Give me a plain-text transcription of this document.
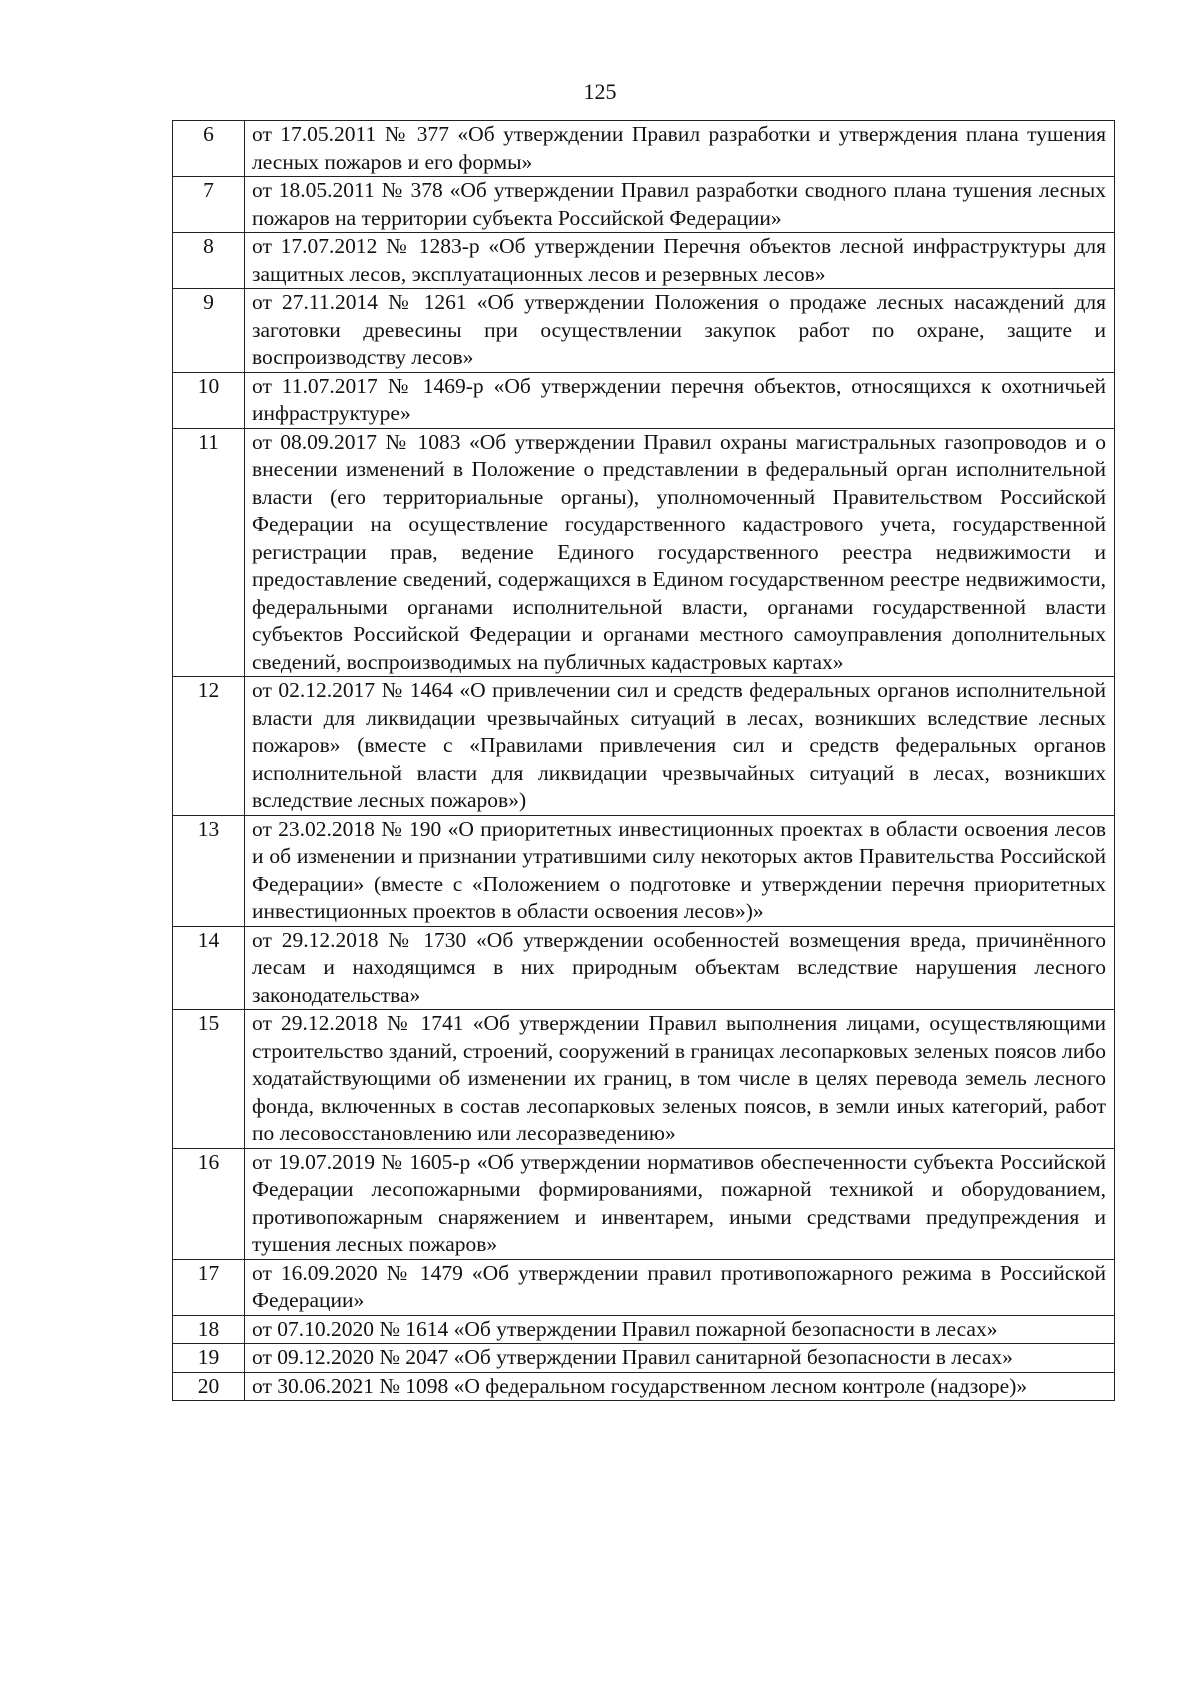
125
6	от 17.05.2011 № 377 «Об утверждении Правил разработки и утверждения плана тушения лесных пожаров и его формы»
7	от 18.05.2011 № 378 «Об утверждении Правил разработки сводного плана тушения лесных пожаров на территории субъекта Российской Федерации»
8	от 17.07.2012 № 1283-р «Об утверждении Перечня объектов лесной инфраструктуры для защитных лесов, эксплуатационных лесов и резервных лесов»
9	от 27.11.2014 № 1261 «Об утверждении Положения о продаже лесных насаждений для заготовки древесины при осуществлении закупок работ по охране, защите и воспроизводству лесов»
10	от 11.07.2017 № 1469-р «Об утверждении перечня объектов, относящихся к охотничьей инфраструктуре»
11	от 08.09.2017 № 1083 «Об утверждении Правил охраны магистральных газопроводов и о внесении изменений в Положение о представлении в федеральный орган исполнительной власти (его территориальные органы), уполномоченный Правительством Российской Федерации на осуществление государственного кадастрового учета, государственной регистрации прав, ведение Единого государственного реестра недвижимости и предоставление сведений, содержащихся в Едином государственном реестре недвижимости, федеральными органами исполнительной власти, органами государственной власти субъектов Российской Федерации и органами местного самоуправления дополнительных сведений, воспроизводимых на публичных кадастровых картах»
12	от 02.12.2017 № 1464 «О привлечении сил и средств федеральных органов исполнительной власти для ликвидации чрезвычайных ситуаций в лесах, возникших вследствие лесных пожаров» (вместе с «Правилами привлечения сил и средств федеральных органов исполнительной власти для ликвидации чрезвычайных ситуаций в лесах, возникших вследствие лесных пожаров»)
13	от 23.02.2018 № 190 «О приоритетных инвестиционных проектах в области освоения лесов и об изменении и признании утратившими силу некоторых актов Правительства Российской Федерации» (вместе с «Положением о подготовке и утверждении перечня приоритетных инвестиционных проектов в области освоения лесов»)»
14	от 29.12.2018 № 1730 «Об утверждении особенностей возмещения вреда, причинённого лесам и находящимся в них природным объектам вследствие нарушения лесного законодательства»
15	от 29.12.2018 № 1741 «Об утверждении Правил выполнения лицами, осуществляющими строительство зданий, строений, сооружений в границах лесопарковых зеленых поясов либо ходатайствующими об изменении их границ, в том числе в целях перевода земель лесного фонда, включенных в состав лесопарковых зеленых поясов, в земли иных категорий, работ по лесовосстановлению или лесоразведению»
16	от 19.07.2019 № 1605-р «Об утверждении нормативов обеспеченности субъекта Российской Федерации лесопожарными формированиями, пожарной техникой и оборудованием, противопожарным снаряжением и инвентарем, иными средствами предупреждения и тушения лесных пожаров»
17	от 16.09.2020 № 1479 «Об утверждении правил противопожарного режима в Российской Федерации»
18	от 07.10.2020 № 1614 «Об утверждении Правил пожарной безопасности в лесах»
19	от 09.12.2020 № 2047 «Об утверждении Правил санитарной безопасности в лесах»
20	от 30.06.2021 № 1098 «О федеральном государственном лесном контроле (надзоре)»
